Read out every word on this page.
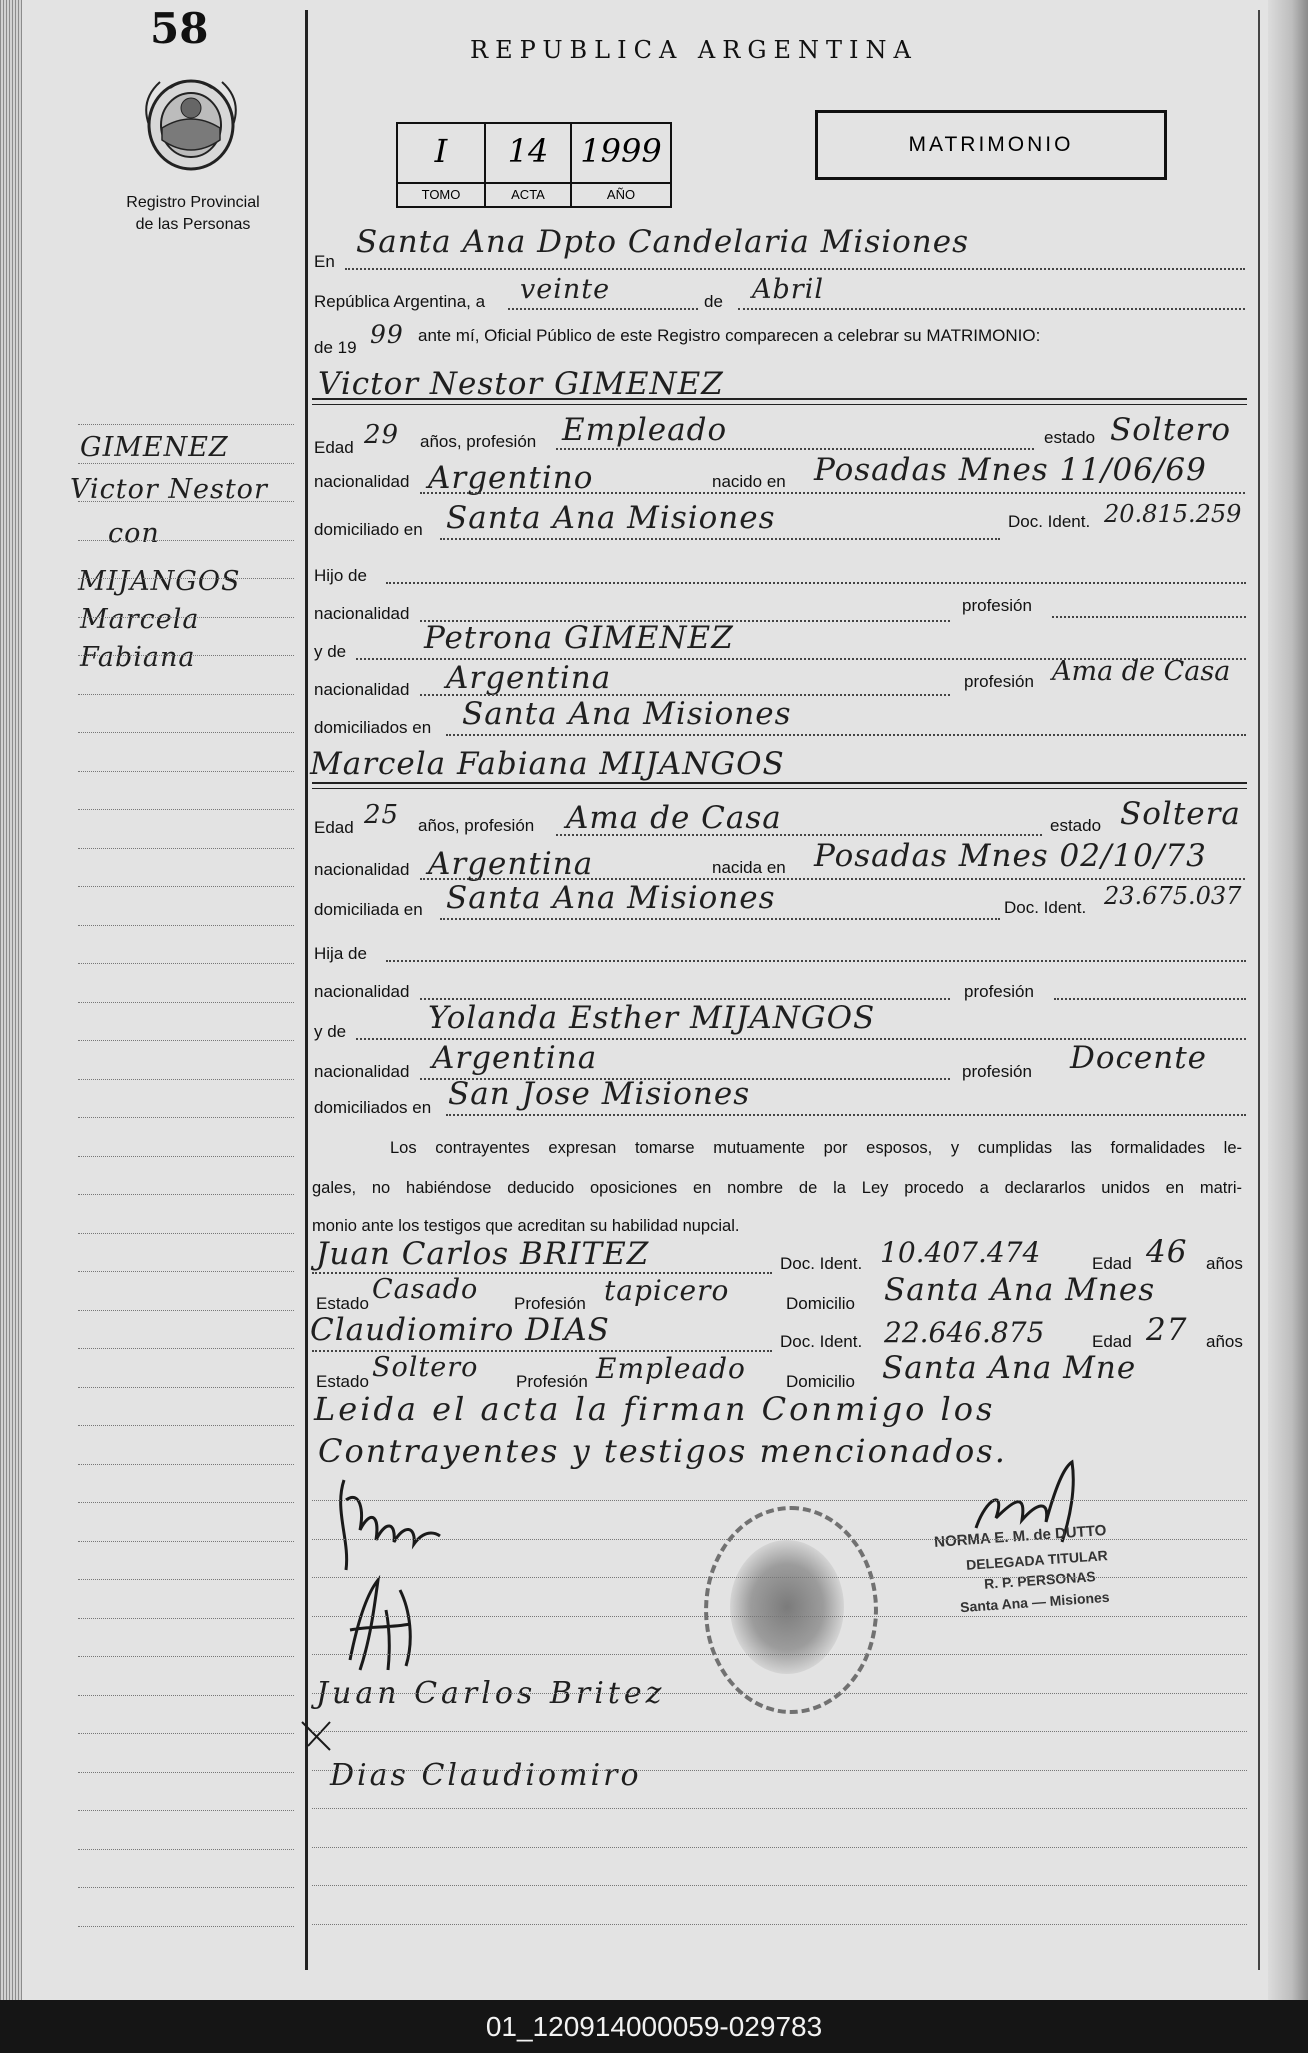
58
Registro Provincial
de las Personas
REPUBLICA ARGENTINA
I
TOMO
14
ACTA
1999
AÑO
MATRIMONIO
GIMENEZ
Victor Nestor
con
MIJANGOS
Marcela
Fabiana
En
Santa Ana Dpto Candelaria Misiones
República Argentina, a veinte	de Abril
de 19 99 ante mí, Oficial Público de este Registro comparecen a celebrar su MATRIMONIO:
Victor Nestor GIMENEZ
Edad 29 años, profesión Empleado	estado Soltero
nacionalidad Argentino	nacido en Posadas Mnes 11/06/69
domiciliado en Santa Ana Misiones	Doc. Ident. 20.815.259
Hijo de
nacionalidad	profesión
y de	Petrona GIMENEZ
nacionalidad Argentina	profesión Ama de Casa
domiciliados en Santa Ana Misiones
Marcela Fabiana MIJANGOS
Edad 25 años, profesión Ama de Casa	estado Soltera
nacionalidad Argentina	nacida en Posadas Mnes 02/10/73
domiciliada en Santa Ana Misiones	Doc. Ident. 23.675.037
Hija de
nacionalidad	profesión
y de	Yolanda Esther MIJANGOS
nacionalidad Argentina	profesión Docente
domiciliados en San Jose Misiones
Los contrayentes expresan tomarse mutuamente por esposos, y cumplidas las formalidades le-
gales, no habiéndose deducido oposiciones en nombre de la Ley procedo a declararlos unidos en matri-
monio ante los testigos que acreditan su habilidad nupcial.
Juan Carlos BRITEZ	Doc. Ident. 10.407.474	Edad 46 años
Estado Casado Profesión tapicero	Domicilio Santa Ana Mnes
Claudiomiro DIAS	Doc. Ident. 22.646.875	Edad 27 años
Estado Soltero Profesión Empleado Domicilio Santa Ana Mne
Leida el acta la firman Conmigo los
Contrayentes y testigos mencionados.
Juan Carlos Britez
Dias Claudiomiro
NORMA E. M. de DUTTO
DELEGADA TITULAR
R. P. PERSONAS
Santa Ana — Misiones
01_120914000059-029783
